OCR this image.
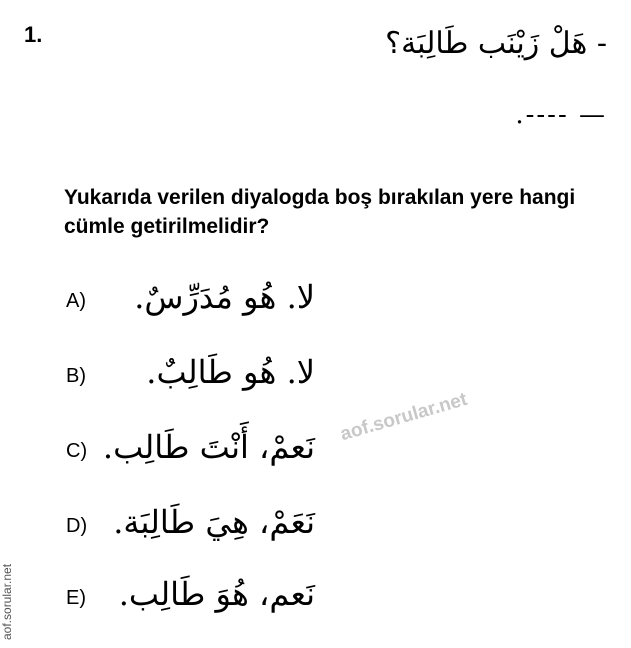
1.	- هَلْ زَيْنَب طَالِبَة؟
— ----.
Yukarıda verilen diyalogda boş bırakılan yere hangi cümle getirilmelidir?
A) لا. هُو مُدَرِّسٌ.
B) لا. هُو طَالِبٌ.
C) نَعمْ، أَنْتَ طَالِب.
D) نَعَمْ، هِيَ طَالِبَة.
E) نَعم، هُوَ طَالِب.
aof.sorular.net
aof.sorular.net
